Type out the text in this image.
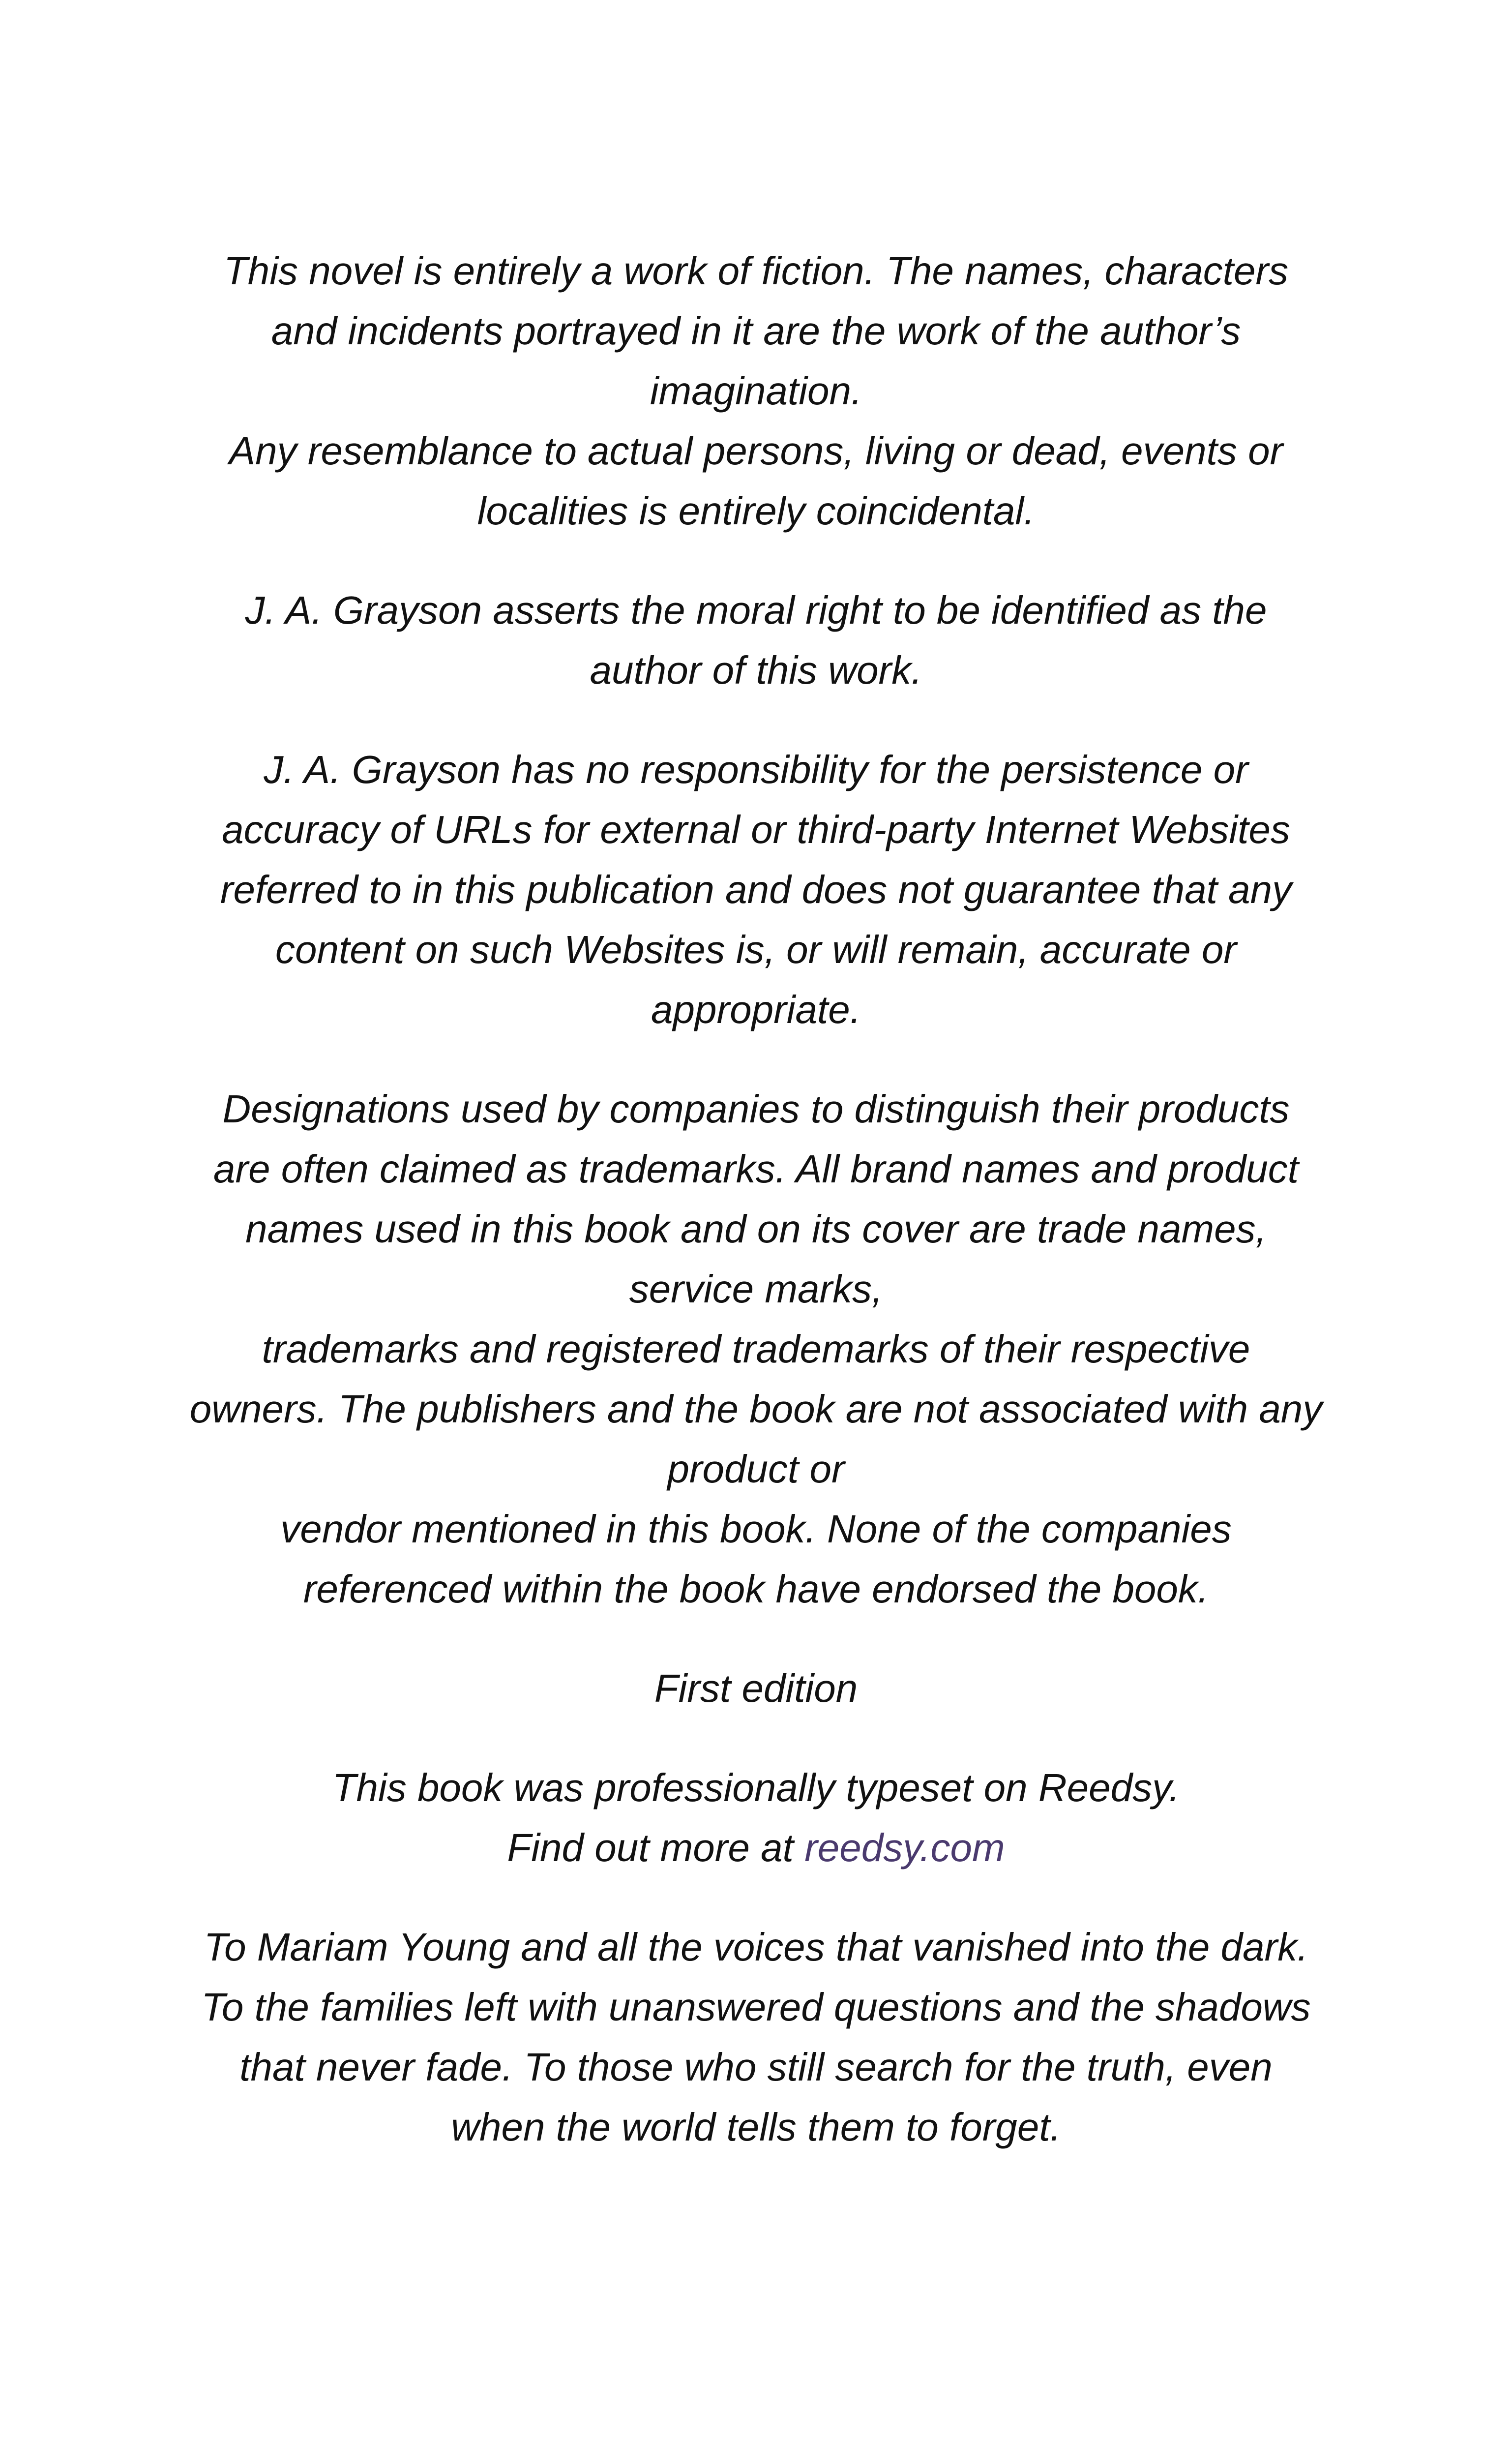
This novel is entirely a work of fiction. The names, characters
and incidents portrayed in it are the work of the author’s
imagination.
Any resemblance to actual persons, living or dead, events or
localities is entirely coincidental.

J. A. Grayson asserts the moral right to be identified as the
author of this work.

J. A. Grayson has no responsibility for the persistence or
accuracy of URLs for external or third-party Internet Websites
referred to in this publication and does not guarantee that any
content on such Websites is, or will remain, accurate or
appropriate.

Designations used by companies to distinguish their products
are often claimed as trademarks. All brand names and product
names used in this book and on its cover are trade names,
service marks,
trademarks and registered trademarks of their respective
owners. The publishers and the book are not associated with any
product or
vendor mentioned in this book. None of the companies
referenced within the book have endorsed the book.

First edition

This book was professionally typeset on Reedsy.
Find out more at reedsy.com

To Mariam Young and all the voices that vanished into the dark.
To the families left with unanswered questions and the shadows
that never fade. To those who still search for the truth, even
when the world tells them to forget.
